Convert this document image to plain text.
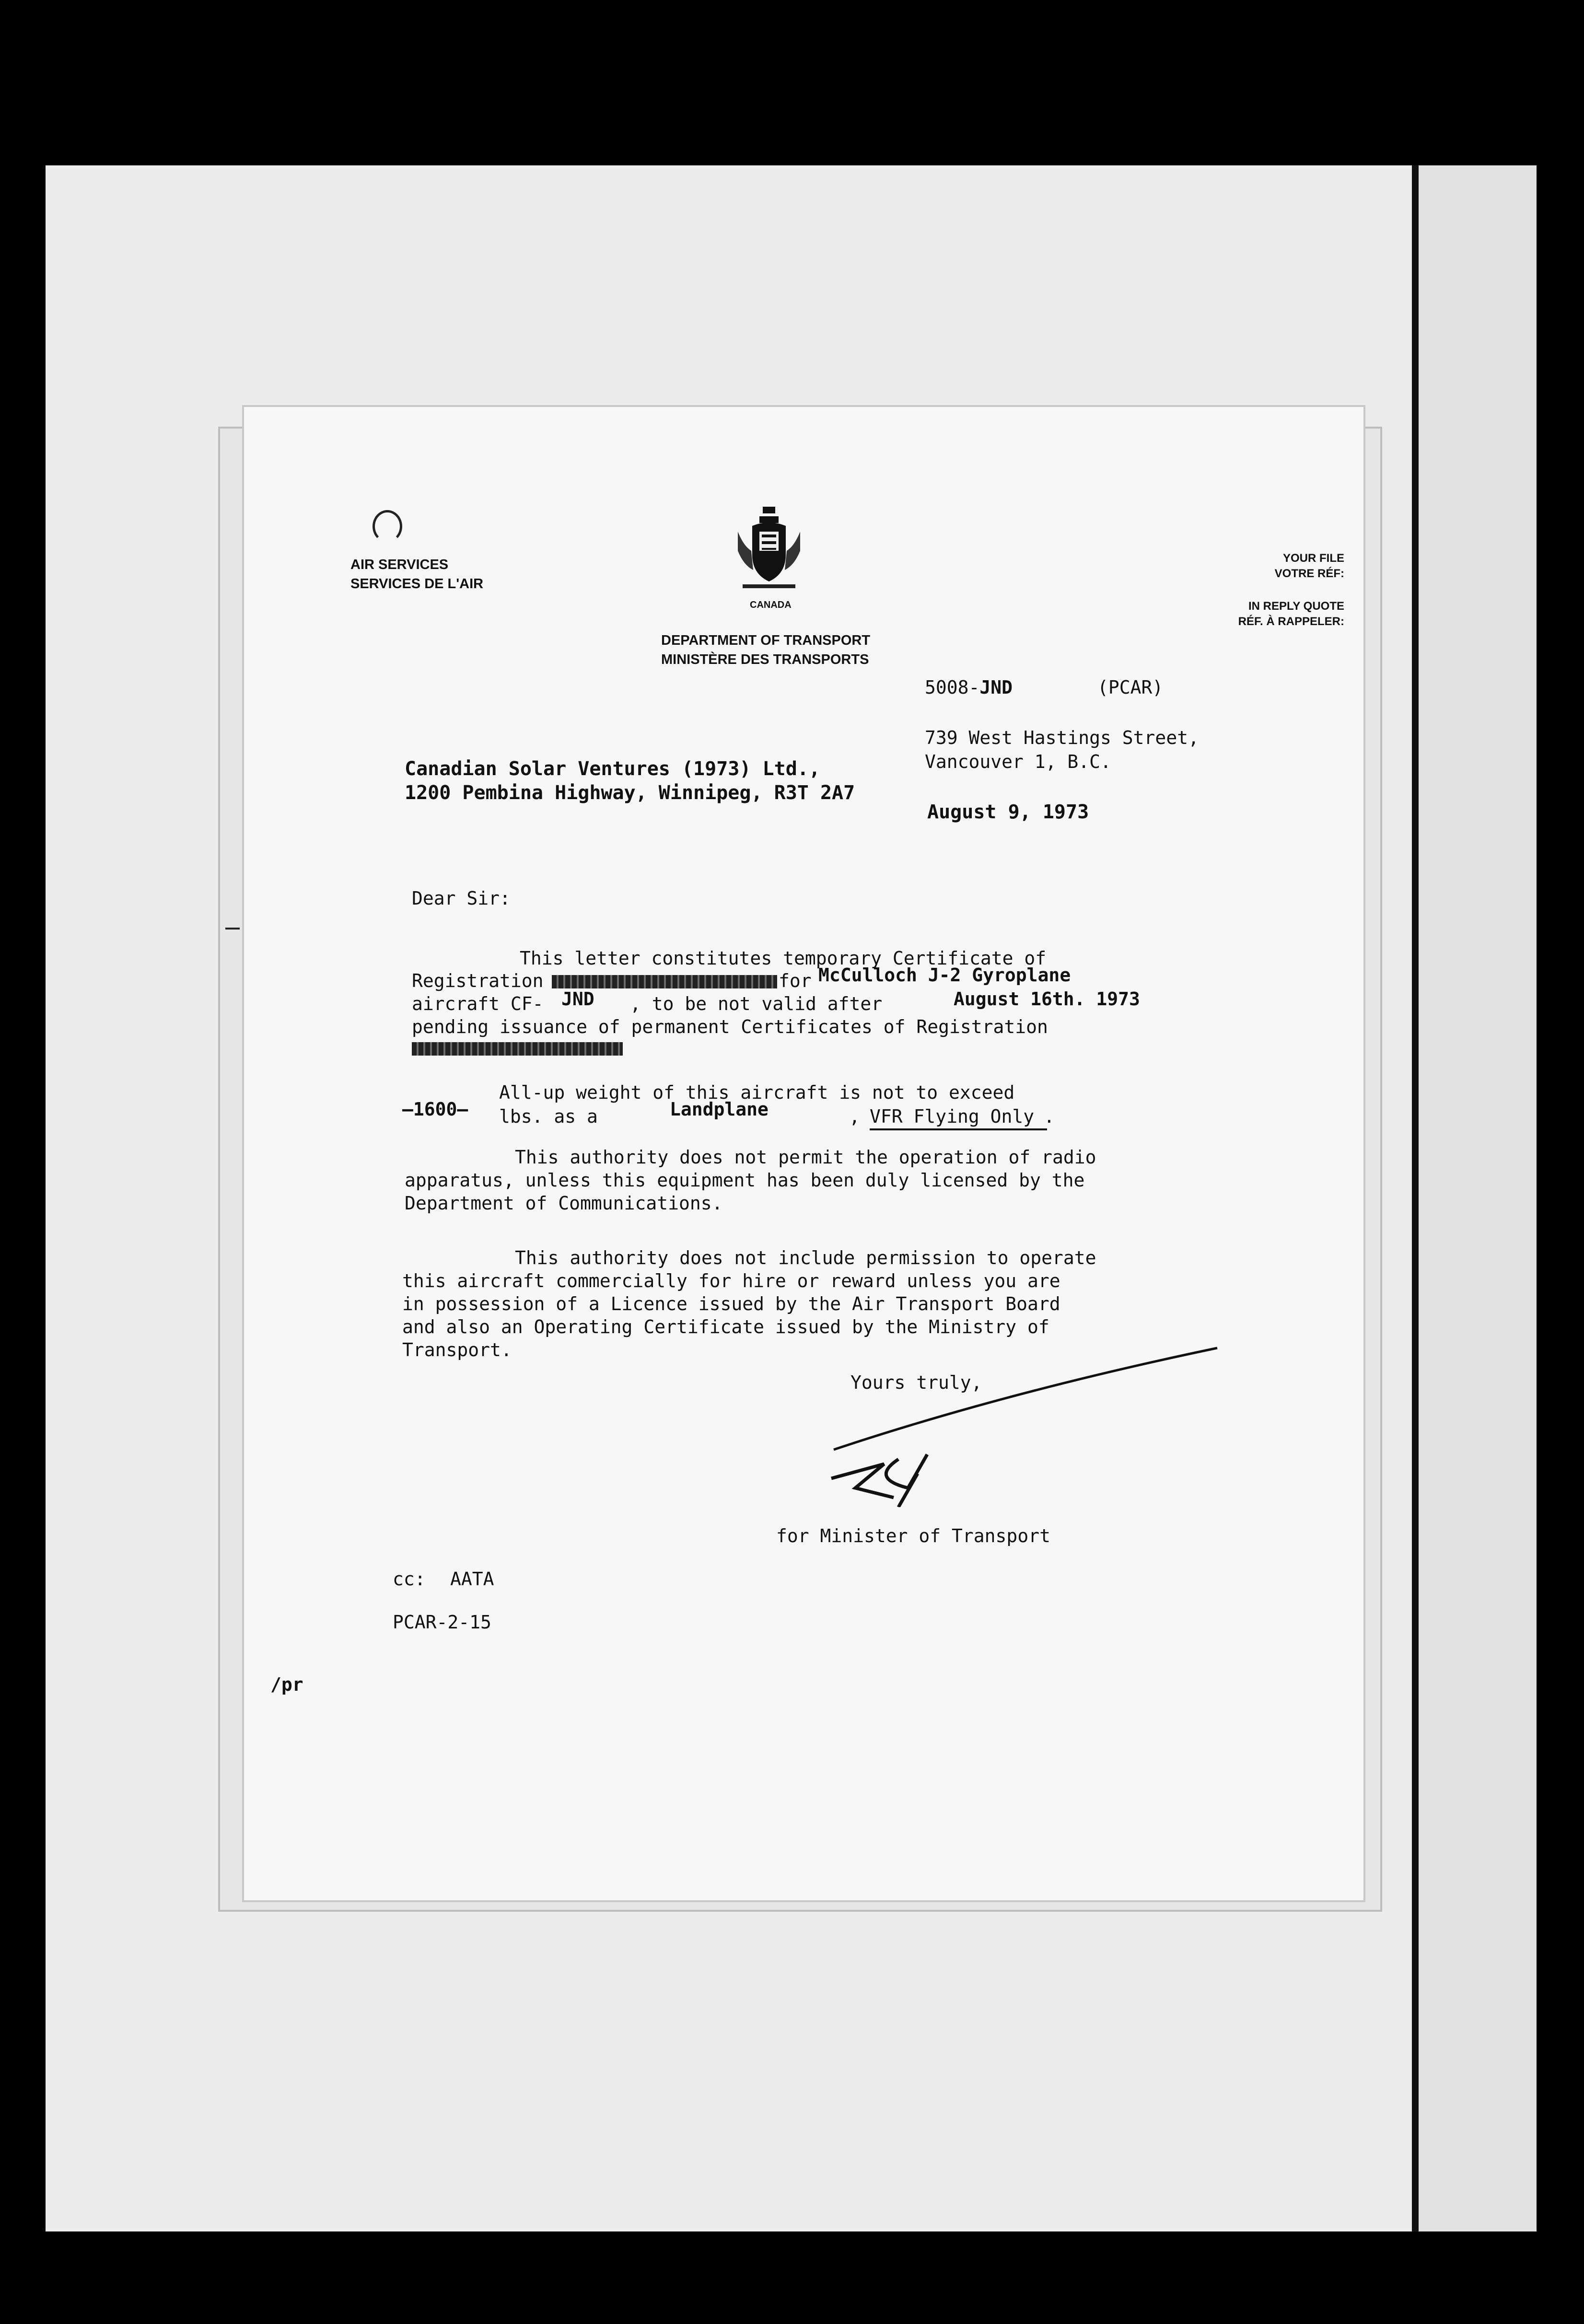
AIR SERVICES
SERVICES DE L'AIR
CANADA
DEPARTMENT OF TRANSPORT
MINISTÈRE DES TRANSPORTS
YOUR FILE
VOTRE RÉF:
IN REPLY QUOTE
RÉF. À RAPPELER:
5008-JND	(PCAR)
739 West Hastings Street,
Vancouver 1, B.C.
August 9, 1973
Canadian Solar Ventures (1973) Ltd.,
1200 Pembina Highway, Winnipeg, R3T 2A7
Dear Sir:
This letter constitutes temporary Certificate of
Registration	for McCulloch J-2 Gyroplane
aircraft CF- JND , to be not valid after	August 16th. 1973
pending issuance of permanent Certificates of Registration
All-up weight of this aircraft is not to exceed
—1600— lbs. as a	Landplane	, VFR Flying Only .
This authority does not permit the operation of radio
apparatus, unless this equipment has been duly licensed by the
Department of Communications.
This authority does not include permission to operate
this aircraft commercially for hire or reward unless you are
in possession of a Licence issued by the Air Transport Board
and also an Operating Certificate issued by the Ministry of
Transport.
Yours truly,
for Minister of Transport
cc: AATA
PCAR-2-15
/pr
